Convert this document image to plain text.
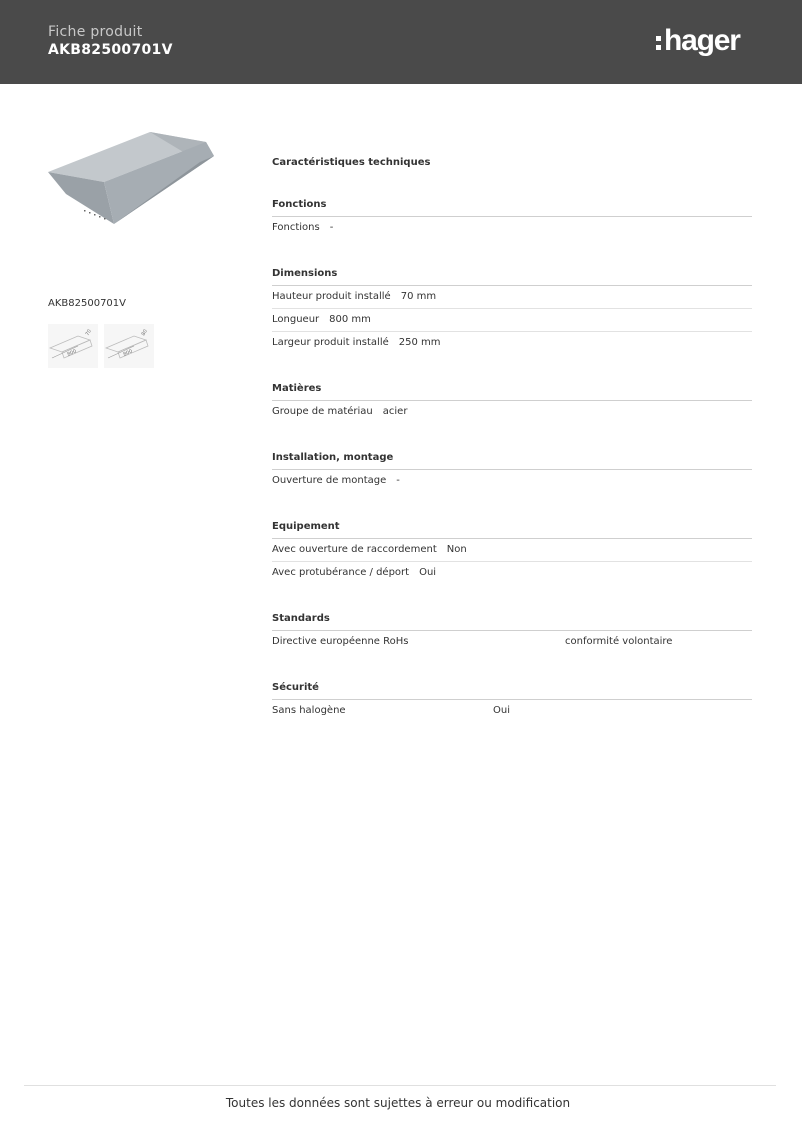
Fiche produit
AKB82500701V	hager
AKB82500701V
800
70
800
80
Caractéristiques techniques
Fonctions
Fonctions -
Dimensions
Hauteur produit installé 70 mm
Longueur 800 mm
Largeur produit installé 250 mm
Matières
Groupe de matériau acier
Installation, montage
Ouverture de montage -
Equipement
Avec ouverture de raccordement Non
Avec protubérance / déport Oui
Standards
Directive européenne RoHs	conformité volontaire
Sécurité
Sans halogène	Oui
Toutes les données sont sujettes à erreur ou modification
